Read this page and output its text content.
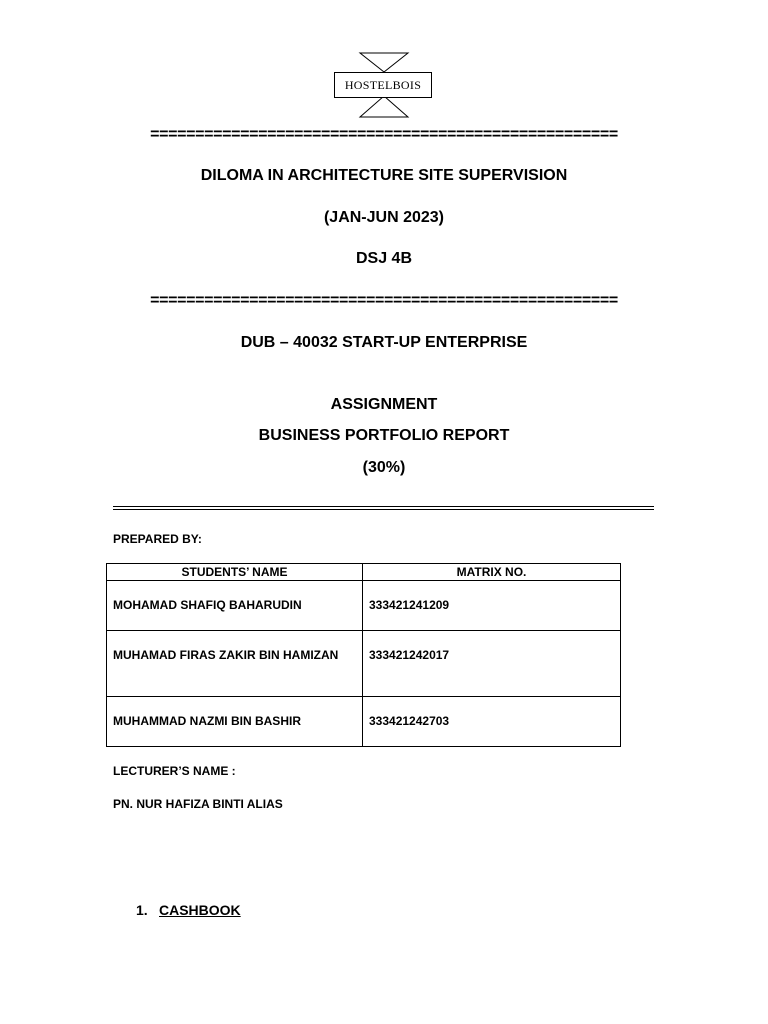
HOSTELBOIS
====================================================
DILOMA IN ARCHITECTURE SITE SUPERVISION
(JAN-JUN 2023)
DSJ 4B
====================================================
DUB – 40032 START-UP ENTERPRISE
ASSIGNMENT
BUSINESS PORTFOLIO REPORT
(30%)
PREPARED BY:
STUDENTS’ NAME	MATRIX NO.
MOHAMAD SHAFIQ BAHARUDIN	333421241209
MUHAMAD FIRAS ZAKIR BIN HAMIZAN	333421242017
MUHAMMAD NAZMI BIN BASHIR	333421242703
LECTURER’S NAME :
PN. NUR HAFIZA BINTI ALIAS
1. CASHBOOK
